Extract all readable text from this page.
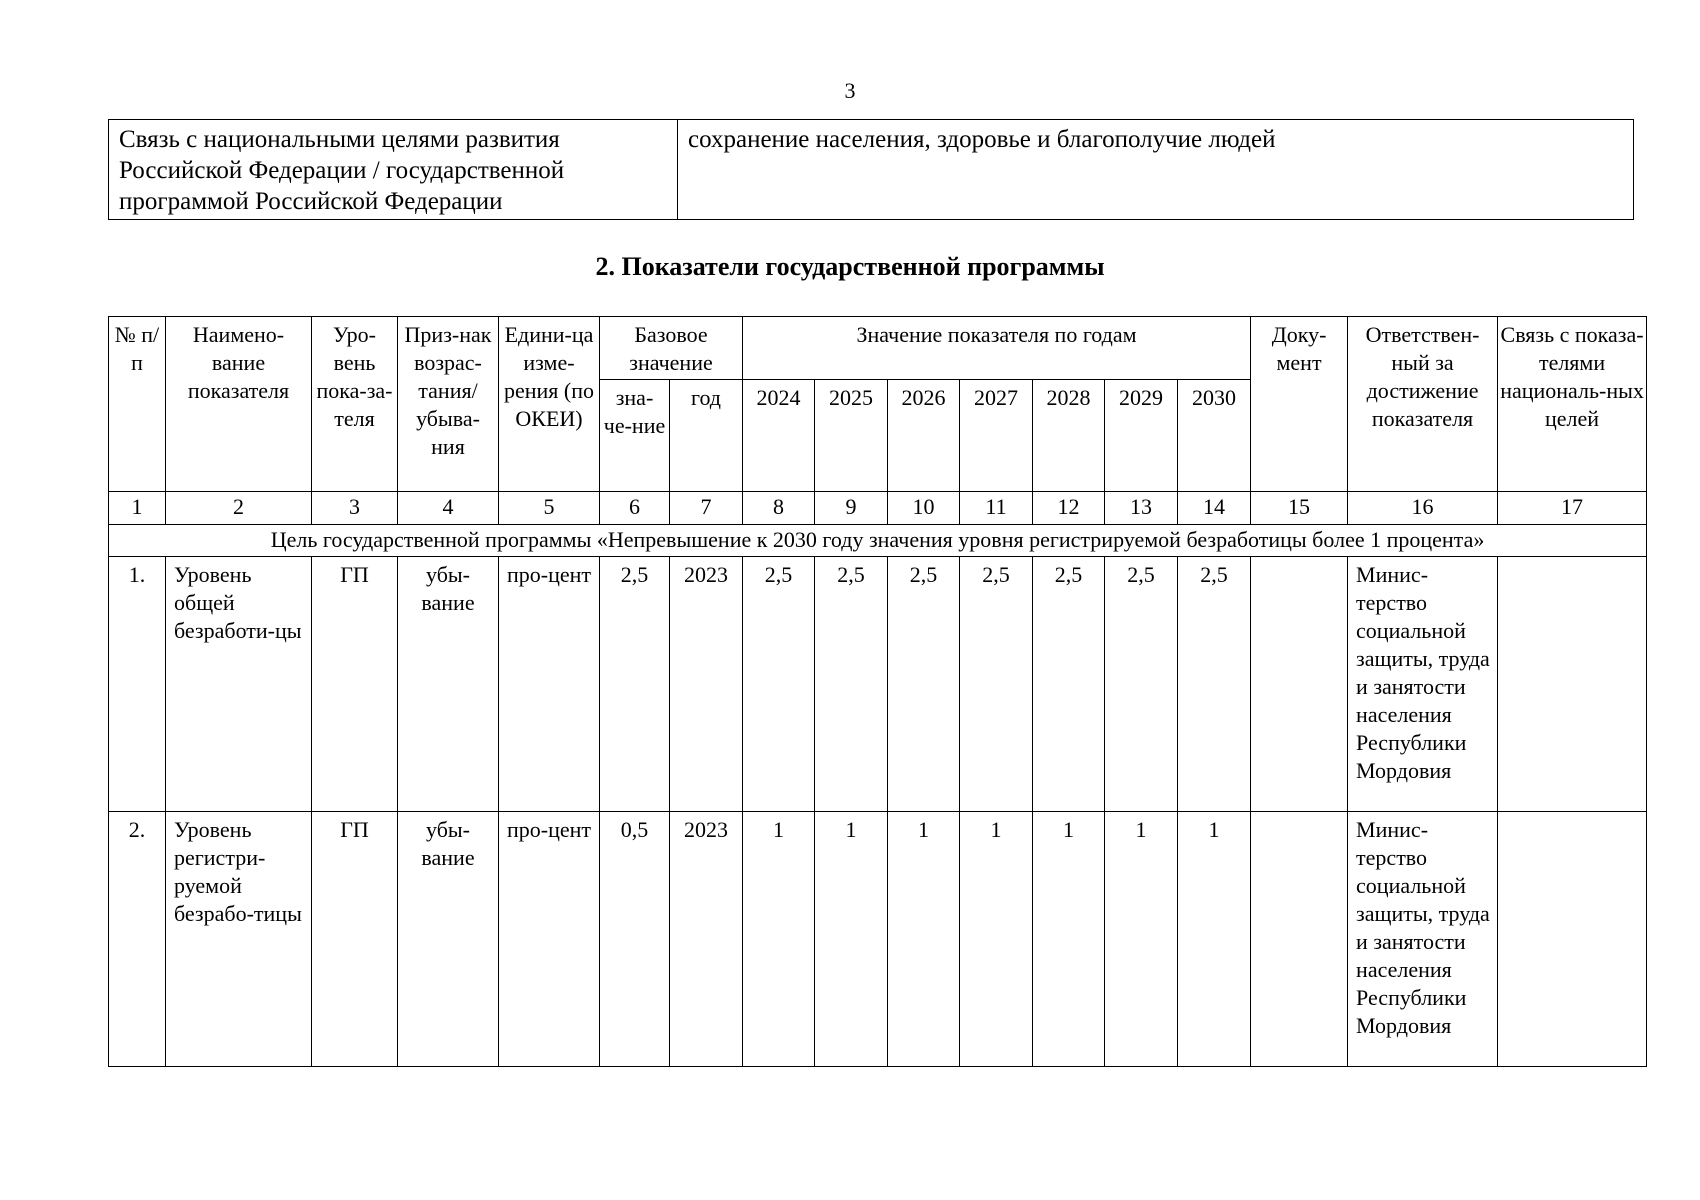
3
Связь с национальными целями развития Российской Федерации / государственной программой Российской Федерации	сохранение населения, здоровье и благополучие людей
2. Показатели государственной программы
№ п/п	Наимено-вание показателя	Уро-вень пока-за-теля	Приз-нак возрас-тания/ убыва-ния	Едини-ца изме-рения (по ОКЕИ)	Базовое значение		Значение показателя по годам							Доку-мент	Ответствен-ный за достижение показателя	Связь с показа-телями националь-ных целей
					зна-че-ние	год	2024	2025	2026	2027	2028	2029	2030			
1	2	3	4	5	6	7	8	9	10	11	12	13	14	15	16	17
Цель государственной программы «Непревышение к 2030 году значения уровня регистрируемой безработицы более 1 процента»																
1.	Уровень общей безработи-цы	ГП	убы-вание	про-цент	2,5	2023	2,5	2,5	2,5	2,5	2,5	2,5	2,5		Минис-терство социальной защиты, труда и занятости населения Республики Мордовия	
2.	Уровень регистри-руемой безрабо-тицы	ГП	убы-вание	про-цент	0,5	2023	1	1	1	1	1	1	1		Минис-терство социальной защиты, труда и занятости населения Республики Мордовия	
